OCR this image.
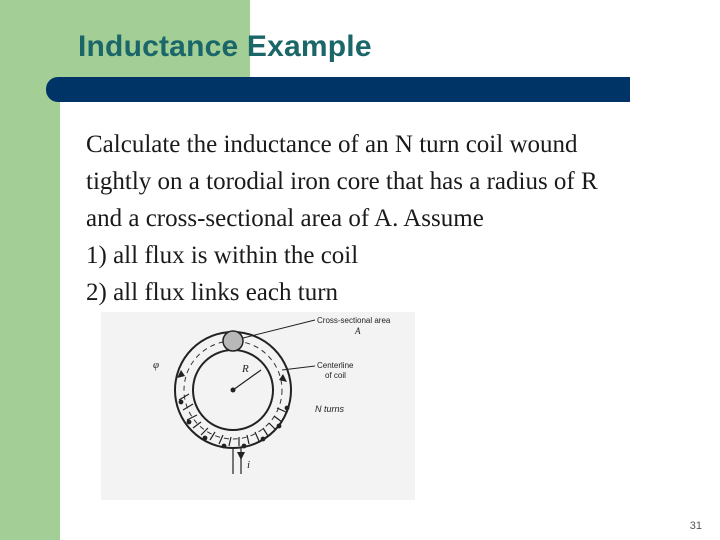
Inductance Example
Calculate the inductance of an N turn coil wound
tightly on a torodial iron core that has a radius of R
and a cross-sectional area of A. Assume
1) all flux is within the coil
2) all flux links each turn
R
φ
i
Cross-sectional area
A
Centerline
of coil
N turns
31
